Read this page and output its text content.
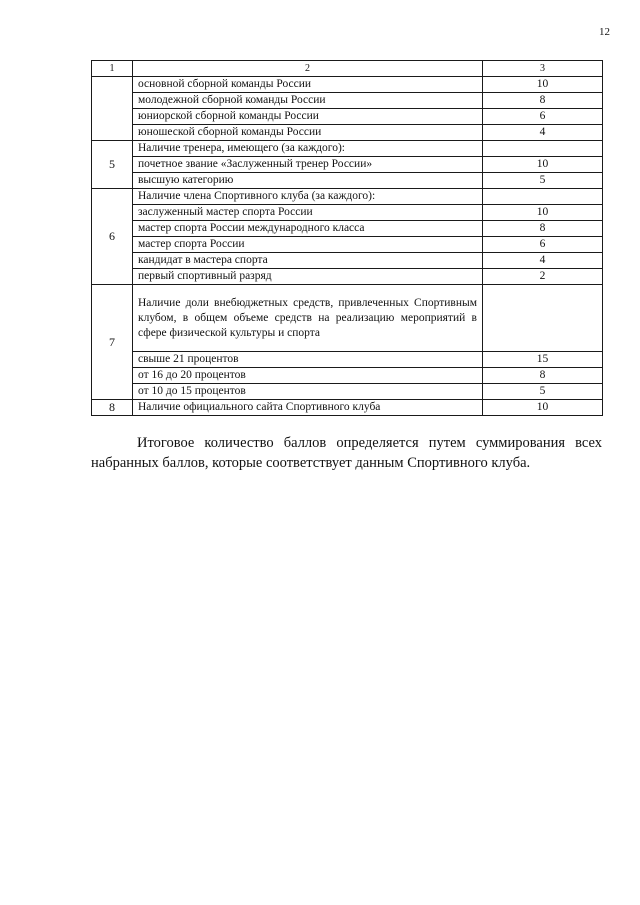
12
1	2	3
	основной сборной команды России	10
	молодежной сборной команды России	8
	юниорской сборной команды России	6
	юношеской сборной команды России	4
5	Наличие тренера, имеющего (за каждого):	
	почетное звание «Заслуженный тренер России»	10
	высшую категорию	5
6	Наличие члена Спортивного клуба (за каждого):	
	заслуженный мастер спорта России	10
	мастер спорта России международного класса	8
	мастер спорта России	6
	кандидат в мастера спорта	4
	первый спортивный разряд	2
7	Наличие доли внебюджетных средств, привлеченных Спортивным клубом, в общем объеме средств на реализацию мероприятий в сфере физической культуры и спорта	
	свыше 21 процентов	15
	от 16 до 20 процентов	8
	от 10 до 15 процентов	5
8	Наличие официального сайта Спортивного клуба	10

Итоговое количество баллов определяется путем суммирования всех набранных баллов, которые соответствует данным Спортивного клуба.
